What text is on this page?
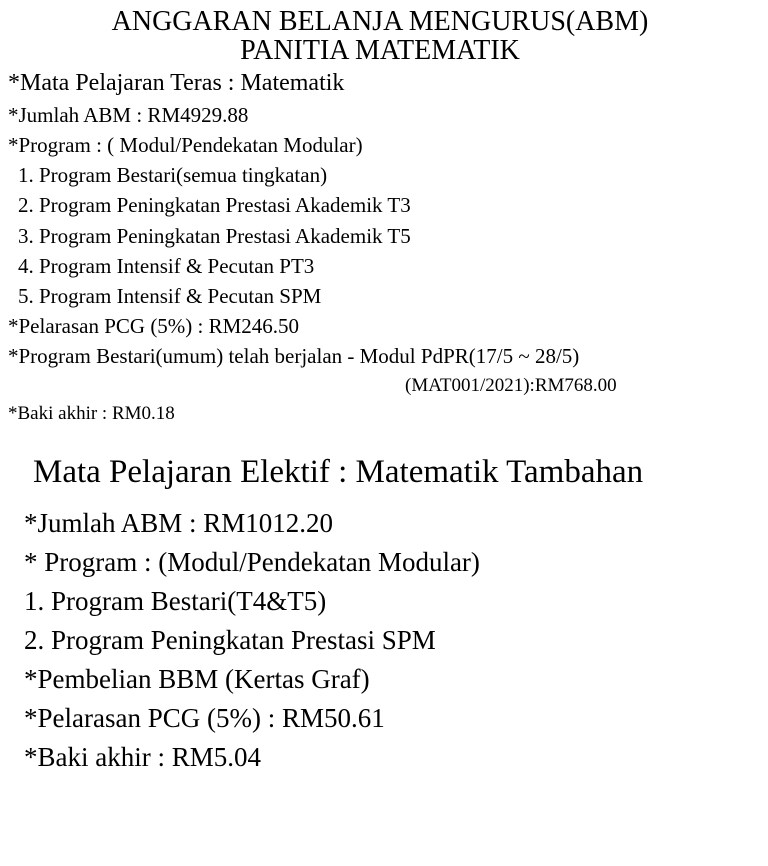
ANGGARAN BELANJA MENGURUS(ABM)
PANITIA MATEMATIK
*Mata Pelajaran Teras : Matematik
*Jumlah ABM : RM4929.88
*Program : ( Modul/Pendekatan Modular)
1. Program Bestari(semua tingkatan)
2. Program Peningkatan Prestasi Akademik T3
3. Program Peningkatan Prestasi Akademik T5
4. Program Intensif & Pecutan PT3
5. Program Intensif & Pecutan SPM
*Pelarasan PCG (5%) : RM246.50
*Program Bestari(umum) telah berjalan - Modul PdPR(17/5 ~ 28/5)
(MAT001/2021):RM768.00
*Baki akhir : RM0.18
Mata Pelajaran Elektif : Matematik Tambahan
*Jumlah ABM : RM1012.20
* Program : (Modul/Pendekatan Modular)
1. Program Bestari(T4&T5)
2. Program Peningkatan Prestasi SPM
*Pembelian BBM (Kertas Graf)
*Pelarasan PCG (5%) : RM50.61
*Baki akhir : RM5.04
